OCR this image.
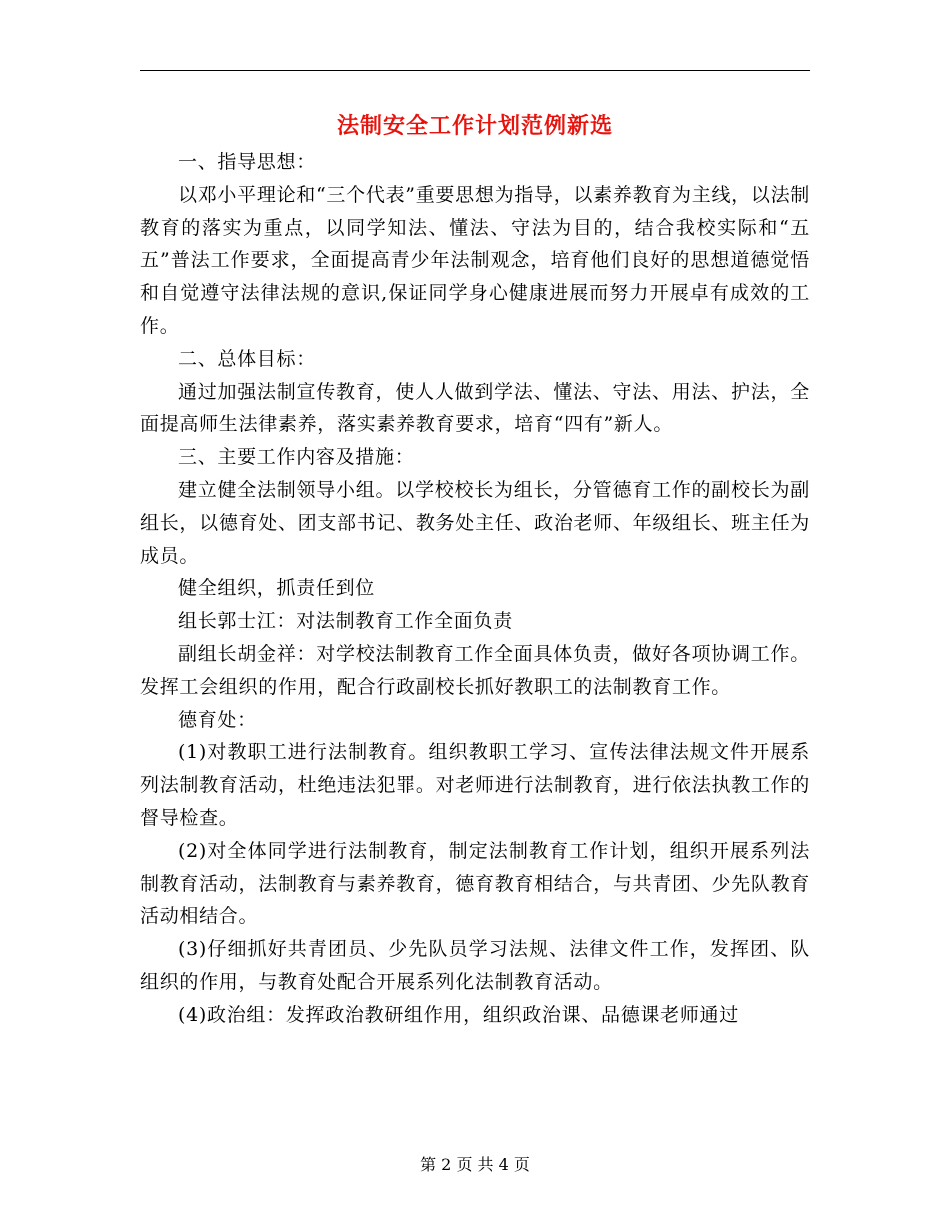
法制安全工作计划范例新选

一、指导思想：

以邓小平理论和“三个代表”重要思想为指导，以素养教育为主线，以法制教育的落实为重点，以同学知法、懂法、守法为目的，结合我校实际和“五五”普法工作要求，全面提高青少年法制观念，培育他们良好的思想道德觉悟和自觉遵守法律法规的意识,保证同学身心健康进展而努力开展卓有成效的工作。

二、总体目标：

通过加强法制宣传教育，使人人做到学法、懂法、守法、用法、护法，全面提高师生法律素养，落实素养教育要求，培育“四有”新人。

三、主要工作内容及措施：

建立健全法制领导小组。以学校校长为组长，分管德育工作的副校长为副组长，以德育处、团支部书记、教务处主任、政治老师、年级组长、班主任为成员。

健全组织，抓责任到位

组长郭士江：对法制教育工作全面负责

副组长胡金祥：对学校法制教育工作全面具体负责，做好各项协调工作。发挥工会组织的作用，配合行政副校长抓好教职工的法制教育工作。

德育处：

(1)对教职工进行法制教育。组织教职工学习、宣传法律法规文件开展系列法制教育活动，杜绝违法犯罪。对老师进行法制教育，进行依法执教工作的督导检查。

(2)对全体同学进行法制教育，制定法制教育工作计划，组织开展系列法制教育活动，法制教育与素养教育，德育教育相结合，与共青团、少先队教育活动相结合。

(3)仔细抓好共青团员、少先队员学习法规、法律文件工作，发挥团、队组织的作用，与教育处配合开展系列化法制教育活动。

(4)政治组：发挥政治教研组作用，组织政治课、品德课老师通过

第 2 页 共 4 页
